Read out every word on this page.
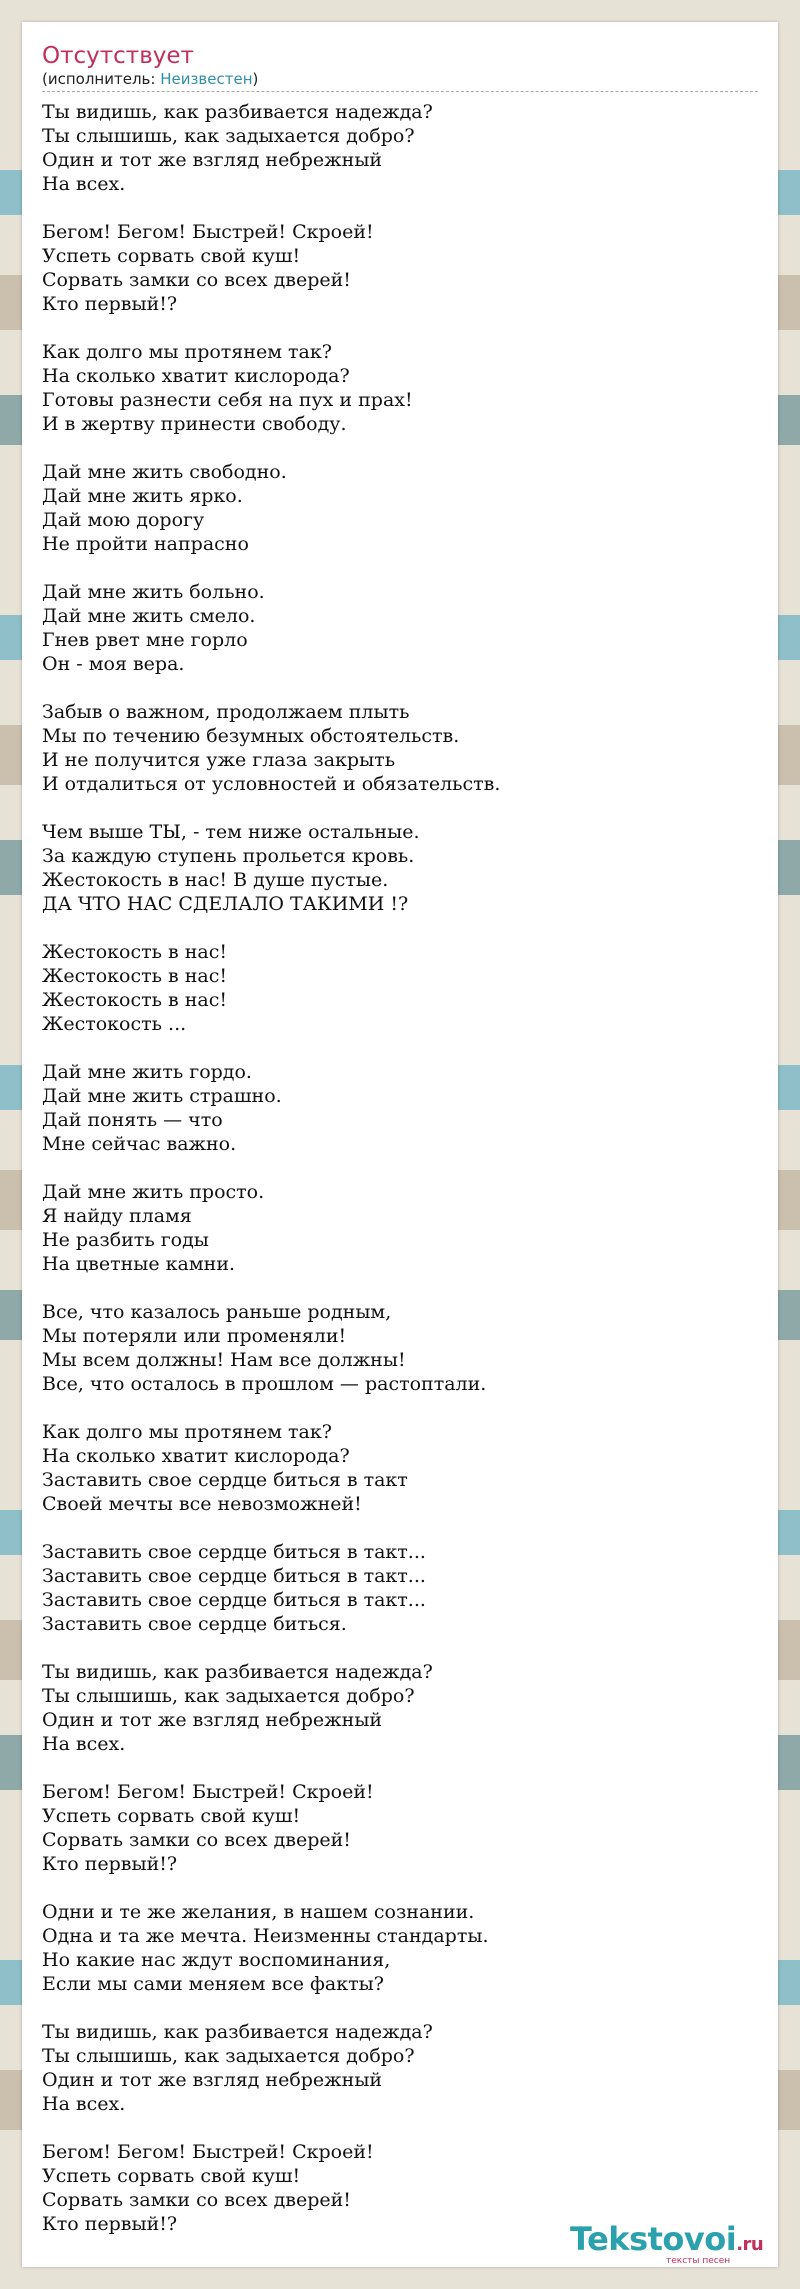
Отсутствует
(исполнитель: Неизвестен)
Ты видишь, как разбивается надежда?
Ты слышишь, как задыхается добро?
Один и тот же взгляд небрежный
На всех.
Бегом! Бегом! Быстрей! Скроей!
Успеть сорвать свой куш!
Сорвать замки со всех дверей!
Кто первый!?
Как долго мы протянем так?
На сколько хватит кислорода?
Готовы разнести себя на пух и прах!
И в жертву принести свободу.
Дай мне жить свободно.
Дай мне жить ярко.
Дай мою дорогу
Не пройти напрасно
Дай мне жить больно.
Дай мне жить смело.
Гнев рвет мне горло
Он - моя вера.
Забыв о важном, продолжаем плыть
Мы по течению безумных обстоятельств.
И не получится уже глаза закрыть
И отдалиться от условностей и обязательств.
Чем выше ТЫ, - тем ниже остальные.
За каждую ступень прольется кровь.
Жестокость в нас! В душе пустые.
ДА ЧТО НАС СДЕЛАЛО ТАКИМИ !?
Жестокость в нас!
Жестокость в нас!
Жестокость в нас!
Жестокость ...
Дай мне жить гордо.
Дай мне жить страшно.
Дай понять — что
Мне сейчас важно.
Дай мне жить просто.
Я найду пламя
Не разбить годы
На цветные камни.
Все, что казалось раньше родным,
Мы потеряли или променяли!
Мы всем должны! Нам все должны!
Все, что осталось в прошлом — растоптали.
Как долго мы протянем так?
На сколько хватит кислорода?
Заставить свое сердце биться в такт
Своей мечты все невозможней!
Заставить свое сердце биться в такт...
Заставить свое сердце биться в такт...
Заставить свое сердце биться в такт...
Заставить свое сердце биться.
Ты видишь, как разбивается надежда?
Ты слышишь, как задыхается добро?
Один и тот же взгляд небрежный
На всех.
Бегом! Бегом! Быстрей! Скроей!
Успеть сорвать свой куш!
Сорвать замки со всех дверей!
Кто первый!?
Одни и те же желания, в нашем сознании.
Одна и та же мечта. Неизменны стандарты.
Но какие нас ждут воспоминания,
Если мы сами меняем все факты?
Ты видишь, как разбивается надежда?
Ты слышишь, как задыхается добро?
Один и тот же взгляд небрежный
На всех.
Бегом! Бегом! Быстрей! Скроей!
Успеть сорвать свой куш!
Сорвать замки со всех дверей!
Кто первый!?	Tekstovoi.ru
тексты песен
